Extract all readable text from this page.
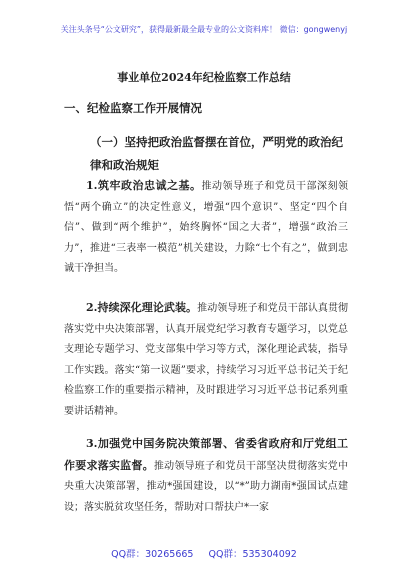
关注头条号“公文研究”，获得最新最全最专业的公文资料库！ 微信：gongwenyj
事业单位2024年纪检监察工作总结
一、纪检监察工作开展情况
（一）坚持把政治监督摆在首位，严明党的政治纪律和政治规矩
1.筑牢政治忠诚之基。推动领导班子和党员干部深刻领悟“两个确立”的决定性意义，增强“四个意识”、坚定“四个自信”、做到“两个维护”，始终胸怀“国之大者”，增强“政治三力”，推进“三表率一模范”机关建设，力除“七个有之”，做到忠诚干净担当。
2.持续深化理论武装。推动领导班子和党员干部认真贯彻落实党中央决策部署，认真开展党纪学习教育专题学习，以党总支理论专题学习、党支部集中学习等方式，深化理论武装，指导工作实践。落实“第一议题”要求，持续学习习近平总书记关于纪检监察工作的重要指示精神，及时跟进学习习近平总书记系列重要讲话精神。
3.加强党中国务院决策部署、省委省政府和厅党组工作要求落实监督。推动领导班子和党员干部坚决贯彻落实党中央重大决策部署，推动*强国建设，以“*”助力湖南*强国试点建设；落实脱贫攻坚任务，帮助对口帮扶户*一家
QQ群：30265665 QQ群：535304092
